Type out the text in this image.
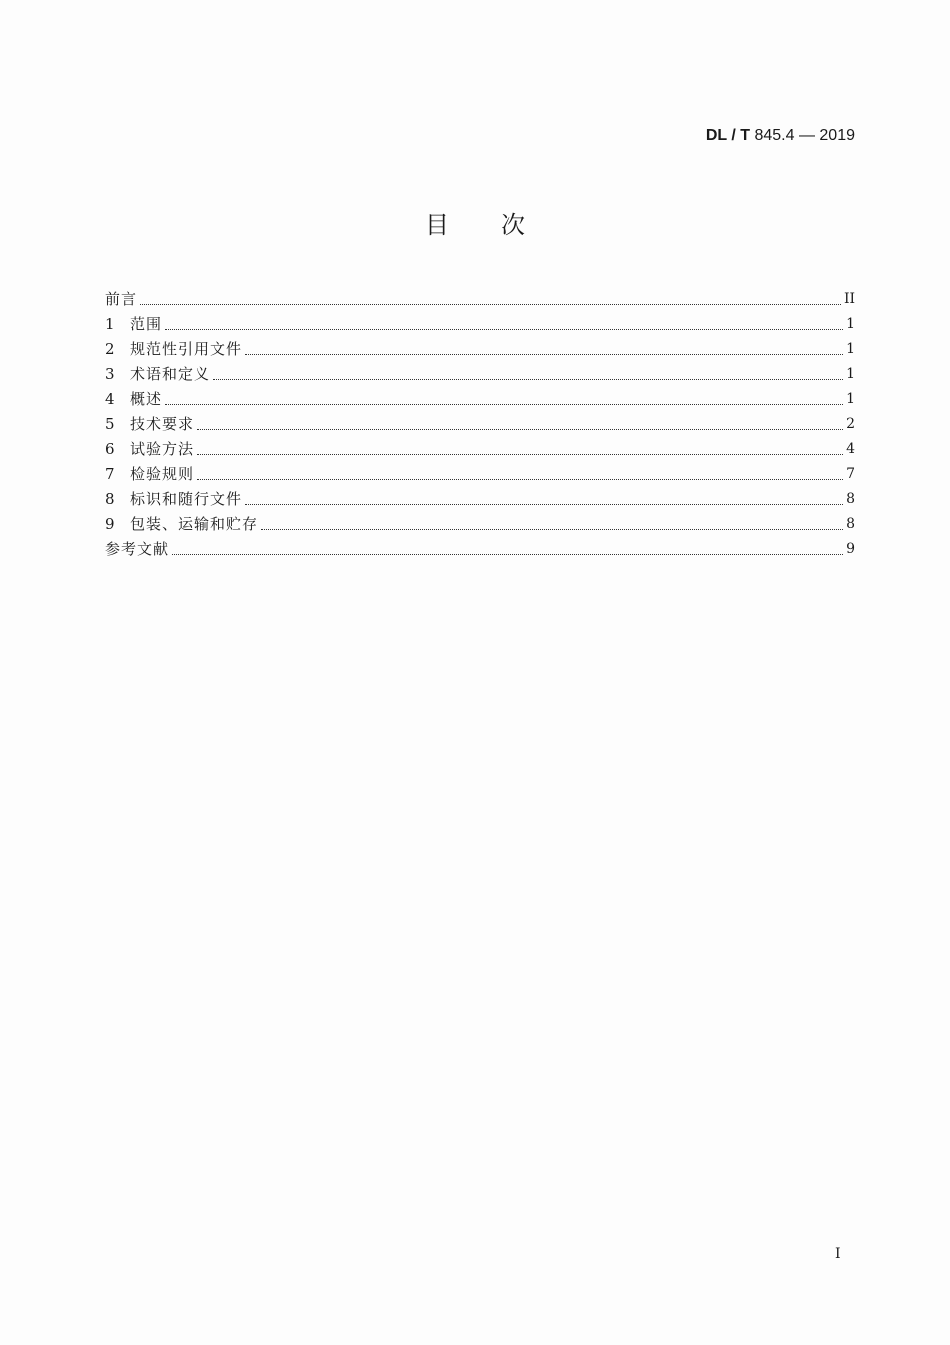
DL / T 845.4 — 2019
目次
前言	II
1	范围	1
2	规范性引用文件	1
3	术语和定义	1
4	概述	1
5	技术要求	2
6	试验方法	4
7	检验规则	7
8	标识和随行文件	8
9	包装、运输和贮存	8
参考文献	9
I
